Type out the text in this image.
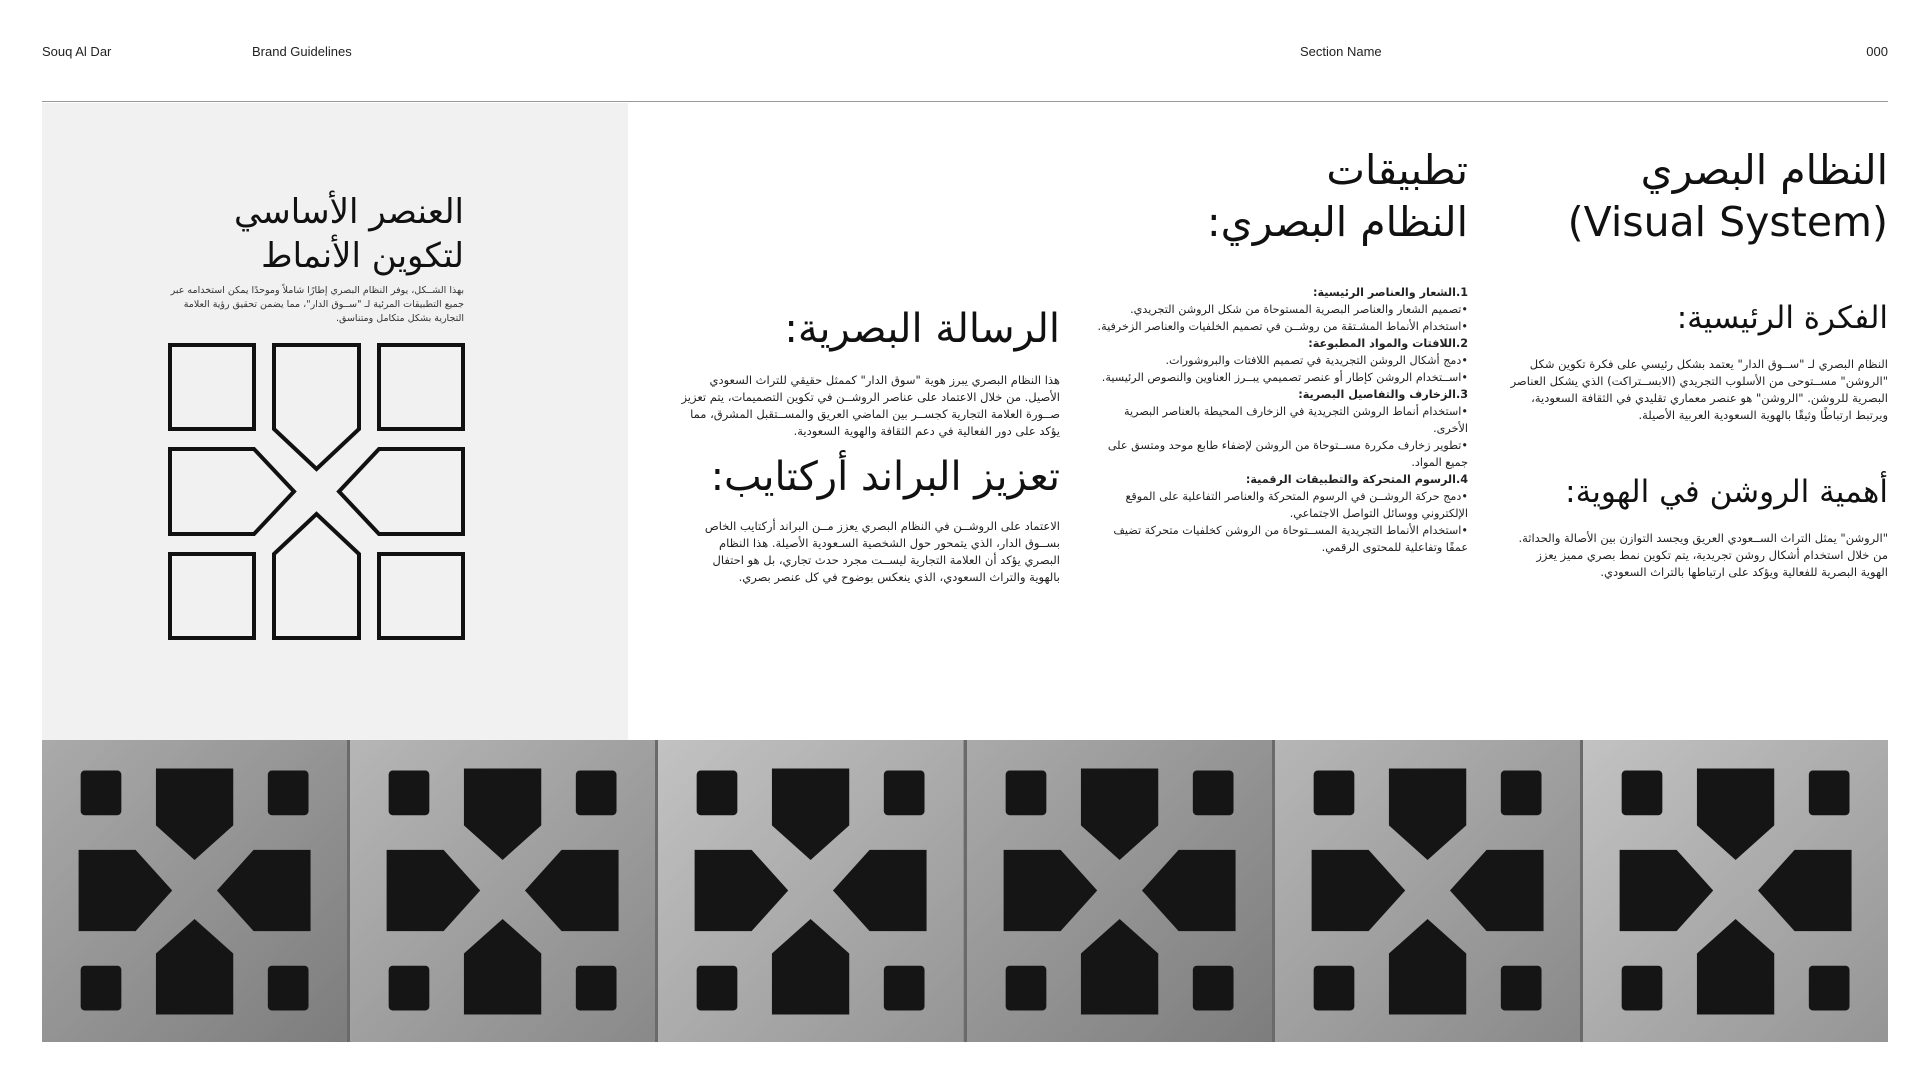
Souq Al Dar	Brand Guidelines	Section Name	000
العنصر الأساسي
لتكوين الأنماط
بهذا الشــكل، يوفر النظام البصري إطارًا شاملاً وموحدًا يمكن استخدامه عبر جميع التطبيقات المرئية لـ "ســوق الدار"، مما يضمن تحقيق رؤية العلامة التجارية بشكل متكامل ومتناسق.	الرسالة البصرية:
هذا النظام البصري يبرز هوية "سوق الدار" كممثل حقيقي للتراث السعودي الأصيل. من خلال الاعتماد على عناصر الروشــن في تكوين التصميمات، يتم تعزيز صــورة العلامة التجارية كجســر بين الماضي العريق والمســتقبل المشرق، مما يؤكد على دور الفعالية في دعم الثقافة والهوية السعودية.
تعزيز البراند أركتايب:
الاعتماد على الروشــن في النظام البصري يعزز مــن البراند أركتايب الخاص بســوق الدار، الذي يتمحور حول الشخصية السـعودية الأصيلة. هذا النظام البصري يؤكد أن العلامة التجارية ليســت مجرد حدث تجاري، بل هو احتفال بالهوية والتراث السعودي، الذي ينعكس بوضوح في كل عنصر بصري.
تطبيقات
النظام البصري:

1.الشعار والعناصر الرئيسية:

•تصميم الشعار والعناصر البصرية المستوحاة من شكل الروشن التجريدي.

•استخدام الأنماط المشـتقة من روشــن في تصميم الخلفيات والعناصر الزخرفية.

2.اللافتات والمواد المطبوعة:

•دمج أشكال الروشن التجريدية في تصميم اللافتات والبروشورات.

•اســتخدام الروشن كإطار أو عنصر تصميمي يبــرز العناوين والنصوص الرئيسية.

3.الزخارف والتفاصيل البصرية:

•استخدام أنماط الروشن التجريدية في الزخارف المحيطة بالعناصر البصرية الأخرى.

•تطوير زخارف مكررة مســتوحاة من الروشن لإضفاء طابع موحد ومتسق على جميع المواد.

4.الرسوم المتحركة والتطبيقات الرقمية:

•دمج حركة الروشــن في الرسوم المتحركة والعناصر التفاعلية على الموقع الإلكتروني ووسائل التواصل الاجتماعي.

•استخدام الأنماط التجريدية المســتوحاة من الروشن كخلفيات متحركة تضيف عمقًا وتفاعلية للمحتوى الرقمي.

النظام البصري
(Visual System)
الفكرة الرئيسية:
النظام البصري لـ "ســوق الدار" يعتمد بشكل رئيسي على فكرة تكوين شكل "الروشن" مســتوحى من الأسلوب التجريدي (الابســتراكت) الذي يشكل العناصر البصرية للروشن. "الروشن" هو عنصر معماري تقليدي في الثقافة السعودية، ويرتبط ارتباطًا وثيقًا بالهوية السعودية العربية الأصيلة.
أهمية الروشن في الهوية:
"الروشن" يمثل التراث الســعودي العريق ويجسد التوازن بين الأصالة والحداثة. من خلال استخدام أشكال روشن تجريدية، يتم تكوين نمط بصري مميز يعزز الهوية البصرية للفعالية ويؤكد على ارتباطها بالتراث السعودي.
